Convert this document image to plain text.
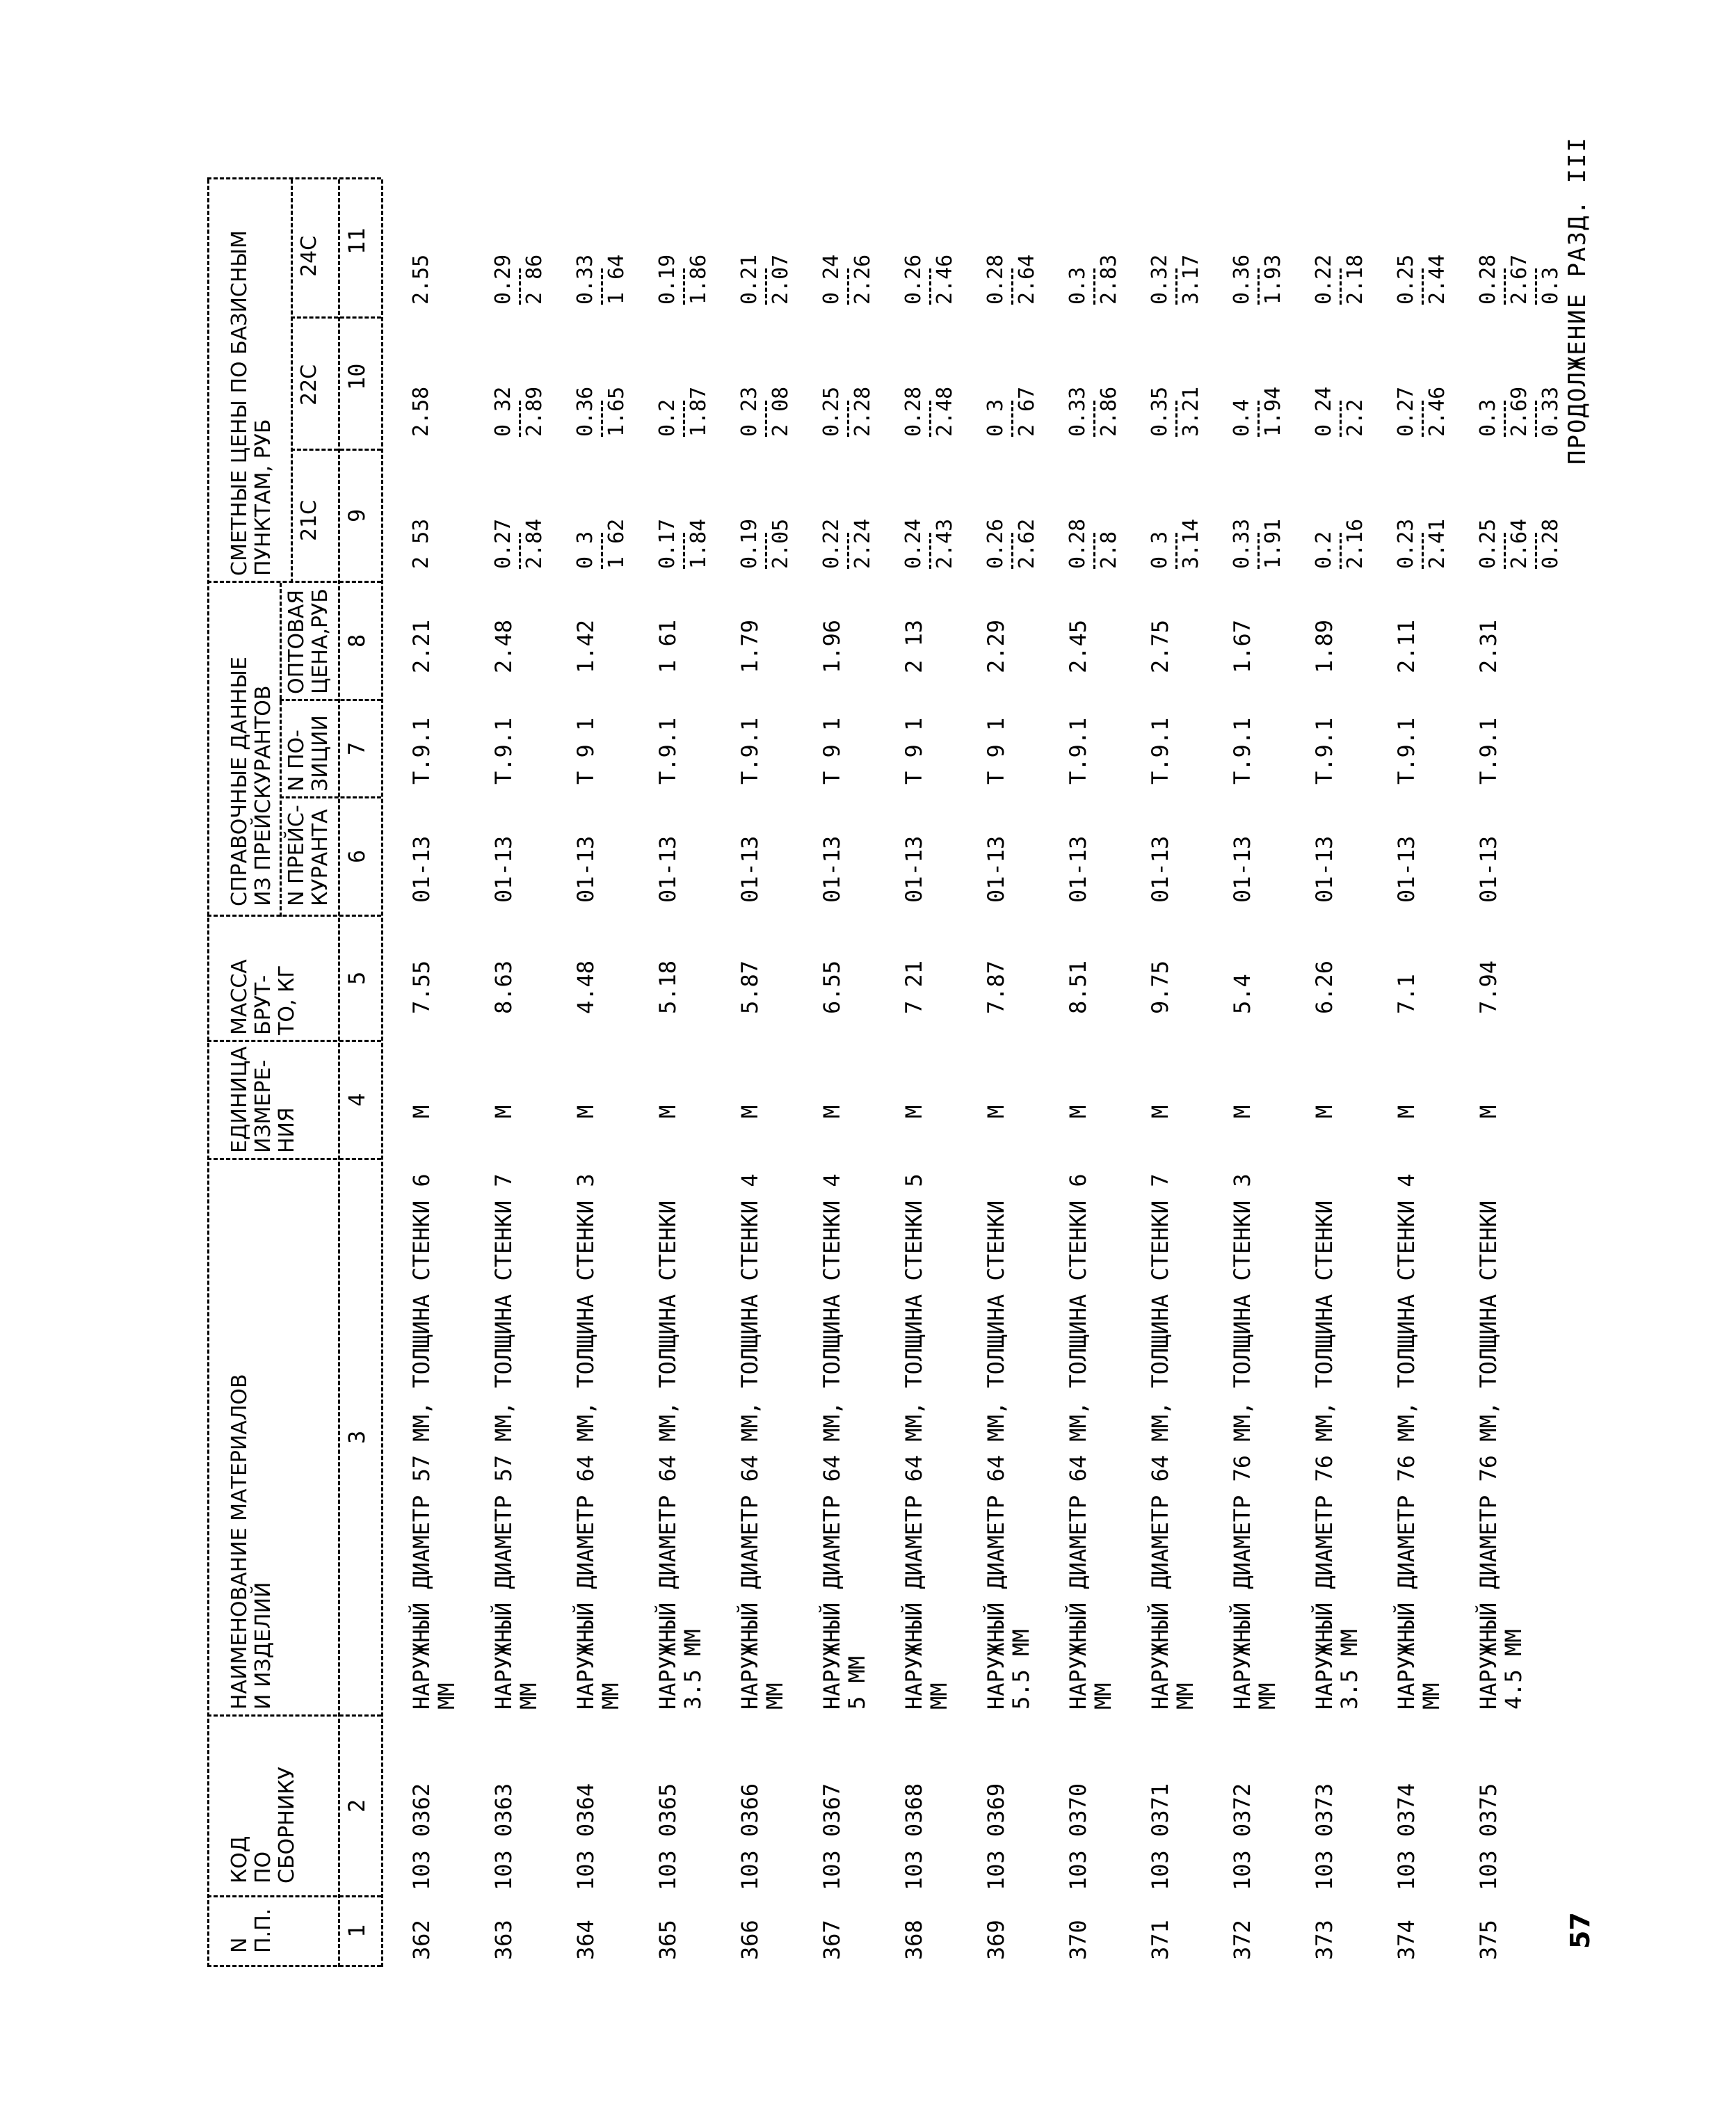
ПРОДОЛЖЕНИЕ РАЗД. III
57
N
П.П.
КОД
ПО
СБОРНИКУ
НАИМЕНОВАНИЕ МАТЕРИАЛОВ
И ИЗДЕЛИЙ
ЕДИНИЦА
ИЗМЕРЕ-
НИЯ
МАССА
БРУТ-
ТО, КГ
СПРАВОЧНЫЕ ДАННЫЕ
ИЗ ПРЕЙСКУРАНТОВ
N ПРЕЙС-
КУРАНТА
N ПО-
ЗИЦИИ
ОПТОВАЯ
ЦЕНА,РУБ
СМЕТНЫЕ ЦЕНЫ ПО БАЗИСНЫМ
ПУНКТАМ, РУБ
21С
22С
24С
1
2
3
4
5
6
7
8
9
10
11
362
103 0362
НАРУЖНЫЙ ДИАМЕТР 57 ММ, ТОЛЩИНА СТЕНКИ 6 ММ
М
7.55
01-13
Т.9.1
2.21
2 53
2.58
2.55
363
103 0363
НАРУЖНЫЙ ДИАМЕТР 57 ММ, ТОЛЩИНА СТЕНКИ 7 ММ
М
8.63
01-13
Т.9.1
2.48
0.27 2.84
0 32 2.89
0.29 2 86
364
103 0364
НАРУЖНЫЙ ДИАМЕТР 64 ММ, ТОЛЩИНА СТЕНКИ 3 ММ
М
4.48
01-13
Т 9 1
1.42
0 3 1 62
0.36 1.65
0.33 1 64
365
103 0365
НАРУЖНЫЙ ДИАМЕТР 64 ММ, ТОЛЩИНА СТЕНКИ 3.5 ММ
М
5.18
01-13
Т.9.1
1 61
0.17 1.84
0.2 1.87
0.19 1.86
366
103 0366
НАРУЖНЫЙ ДИАМЕТР 64 ММ, ТОЛЩИНА СТЕНКИ 4 ММ
М
5.87
01-13
Т.9.1
1.79
0.19 2.05
0 23 2 08
0.21 2.07
367
103 0367
НАРУЖНЫЙ ДИАМЕТР 64 ММ, ТОЛЩИНА СТЕНКИ 4 5 ММ
М
6.55
01-13
Т 9 1
1.96
0.22 2.24
0.25 2.28
0 24 2.26
368
103 0368
НАРУЖНЫЙ ДИАМЕТР 64 ММ, ТОЛЩИНА СТЕНКИ 5 ММ
М
7 21
01-13
Т 9 1
2 13
0.24 2.43
0.28 2.48
0.26 2.46
369
103 0369
НАРУЖНЫЙ ДИАМЕТР 64 ММ, ТОЛЩИНА СТЕНКИ 5.5 ММ
М
7.87
01-13
Т 9 1
2.29
0.26 2.62
0 3 2 67
0.28 2.64
370
103 0370
НАРУЖНЫЙ ДИАМЕТР 64 ММ, ТОЛЩИНА СТЕНКИ 6 ММ
М
8.51
01-13
Т.9.1
2.45
0.28 2.8
0.33 2.86
0.3 2.83
371
103 0371
НАРУЖНЫЙ ДИАМЕТР 64 ММ, ТОЛЩИНА СТЕНКИ 7 ММ
М
9.75
01-13
Т.9.1
2.75
0 3 3.14
0.35 3.21
0.32 3.17
372
103 0372
НАРУЖНЫЙ ДИАМЕТР 76 ММ, ТОЛЩИНА СТЕНКИ 3 ММ
М
5.4
01-13
Т.9.1
1.67
0.33 1.91
0.4 1.94
0.36 1.93
373
103 0373
НАРУЖНЫЙ ДИАМЕТР 76 ММ, ТОЛЩИНА СТЕНКИ 3.5 ММ
М
6.26
01-13
Т.9.1
1.89
0.2 2.16
0 24 2.2
0.22 2.18
374
103 0374
НАРУЖНЫЙ ДИАМЕТР 76 ММ, ТОЛЩИНА СТЕНКИ 4 ММ
М
7.1
01-13
Т.9.1
2.11
0.23 2.41
0.27 2.46
0.25 2.44
375
103 0375
НАРУЖНЫЙ ДИАМЕТР 76 ММ, ТОЛЩИНА СТЕНКИ 4.5 ММ
М
7.94
01-13
Т.9.1
2.31
0.25 2.64 0.28
0.3 2.69 0.33
0.28 2.67 0.3
